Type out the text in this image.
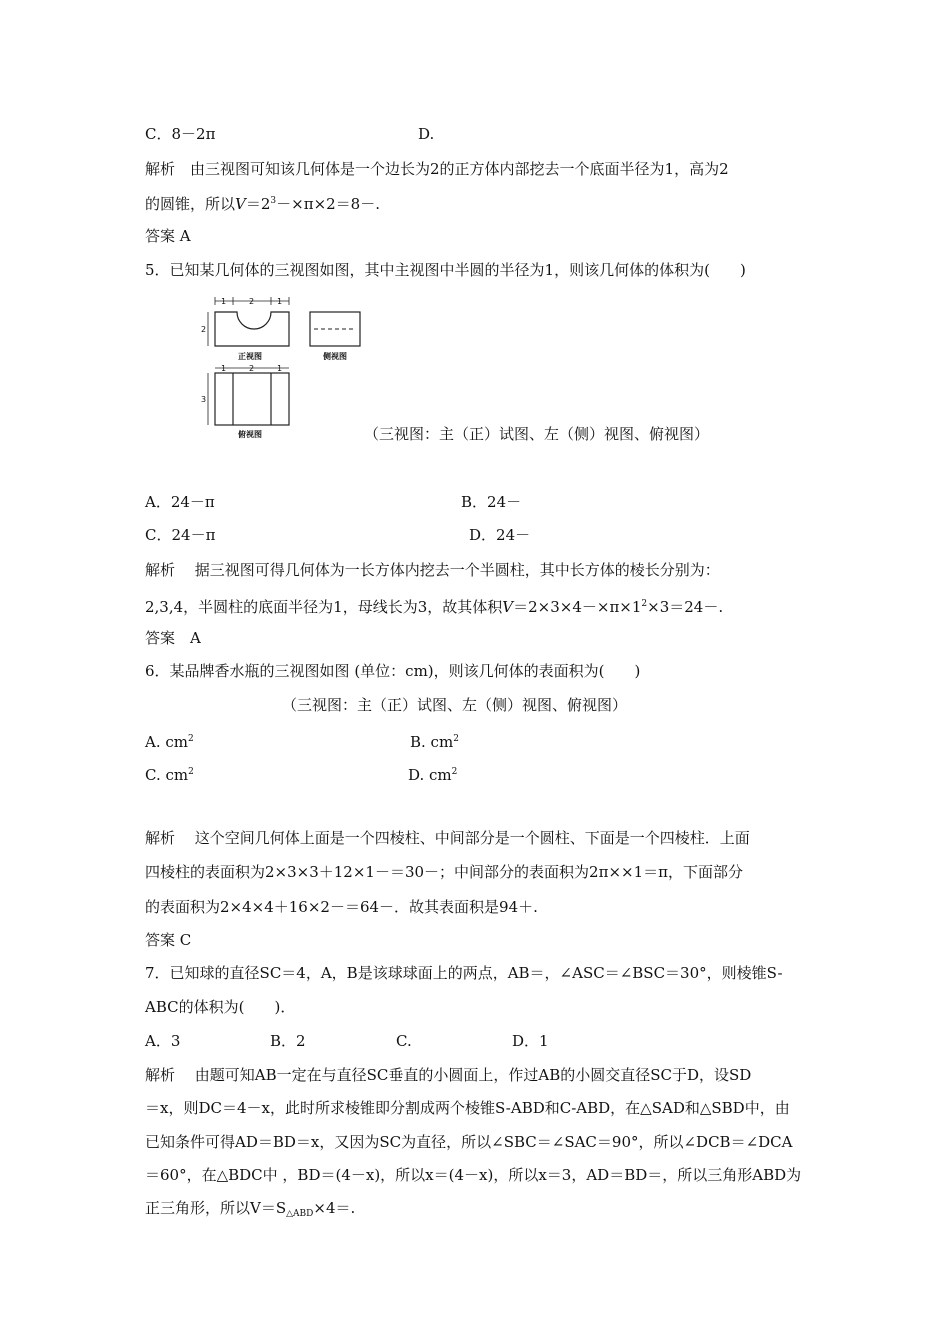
C．8－2π	D.
解析　由三视图可知该几何体是一个边长为2的正方体内部挖去一个底面半径为1，高为2
的圆锥，所以$V=2^3-\times\pi\times 2=8-$.
答案 A
5．已知某几何体的三视图如图，其中主视图中半圆的半径为1，则该几何体的体积为(　　)
1	2	1
2
1	2	1
3
正视图	侧视图
俯视图	（三视图：主（正）试图、左（侧）视图、俯视图）
A．24－π	B．24－
C．24－π	D．24－
解析　 据三视图可得几何体为一长方体内挖去一个半圆柱，其中长方体的棱长分别为：
2,3,4，半圆柱的底面半径为1，母线长为3，故其体积$V=2\times 3\times 4-\times\pi\times 1^2\times 3=24-$.
答案　A
6．某品牌香水瓶的三视图如图 (单位：cm)，则该几何体的表面积为(　　)
（三视图：主（正）试图、左（侧）视图、俯视图）
A. $cm^2$	B. $cm^2$
C. $cm^2$	D. $cm^2$
解析　 这个空间几何体上面是一个四棱柱、中间部分是一个圆柱、下面是一个四棱柱．上面
四棱柱的表面积为2×3×3＋12×1－＝30－；中间部分的表面积为2π××1＝π，下面部分
的表面积为2×4×4＋16×2－＝64－．故其表面积是94＋.
答案 C
7．已知球的直径SC＝4，A，B是该球球面上的两点，AB＝，∠ASC＝∠BSC＝30°，则棱锥S-
ABC的体积为(　　)．
A．3	B．2	C.	D．1
解析　 由题可知AB一定在与直径SC垂直的小圆面上，作过AB的小圆交直径SC于D，设SD
＝x，则DC＝4－x，此时所求棱锥即分割成两个棱锥S-ABD和C-ABD，在△SAD和△SBD中，由
已知条件可得AD＝BD＝x，又因为SC为直径，所以∠SBC＝∠SAC＝90°，所以∠DCB＝∠DCA
＝60°，在△BDC中 ，BD＝(4－x)，所以x＝(4－x)，所以x＝3，AD＝BD＝，所以三角形ABD为
正三角形，所以$V=S_{\triangle ABD}\times 4=$.
